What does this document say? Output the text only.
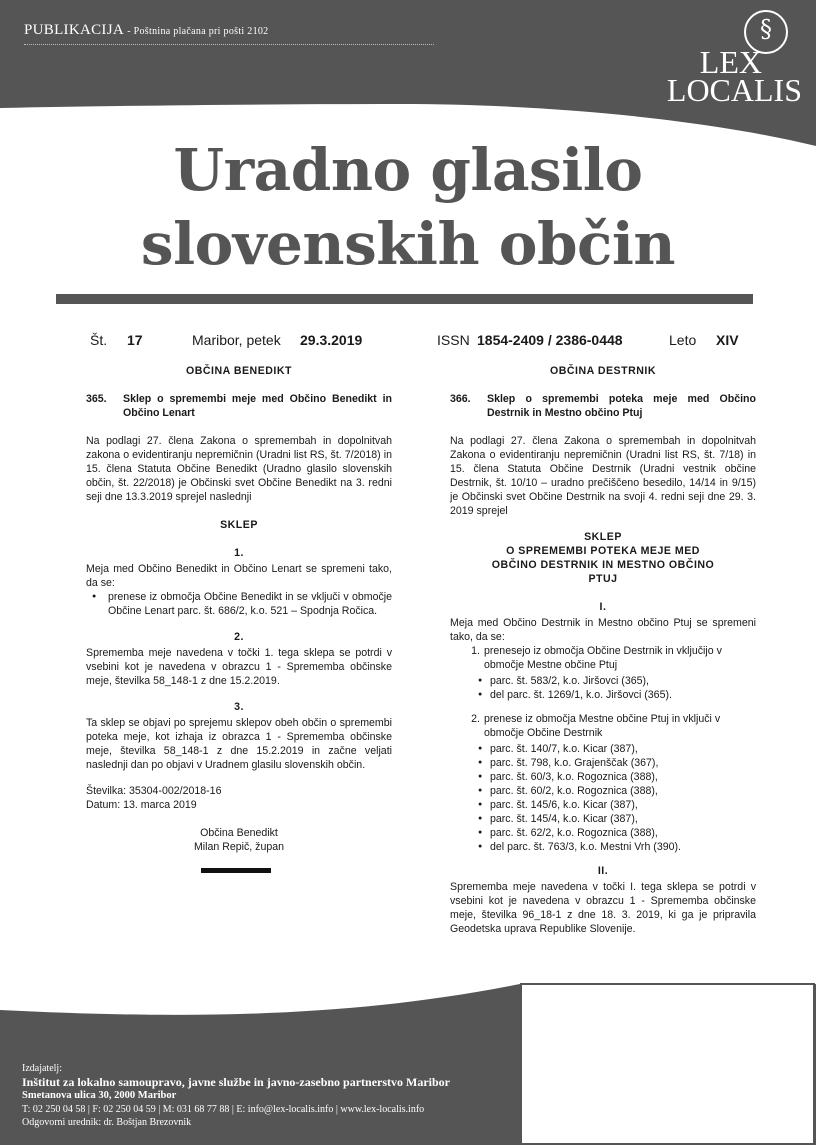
PUBLIKACIJA - Poštnina plačana pri pošti 2102	§
LEX
LOCALIS
Uradno glasilo
slovenskih občin
Št. 17	Maribor, petek 29.3.2019	ISSN 1854-2409 / 2386-0448	Leto XIV
OBČINA BENEDIKT
365.	Sklep o spremembi meje med Občino Benedikt in Občino Lenart

Na podlagi 27. člena Zakona o spremembah in dopolnitvah zakona o evidentiranju nepremičnin (Uradni list RS, št. 7/2018) in 15. člena Statuta Občine Benedikt (Uradno glasilo slovenskih občin, št. 22/2018) je Občinski svet Občine Benedikt na 3. redni seji dne 13.3.2019 sprejel naslednji

SKLEP
1.

Meja med Občino Benedikt in Občino Lenart se spremeni tako, da se:

● prenese iz območja Občine Benedikt in se vključi v območje Občine Lenart parc. št. 686/2, k.o. 521 – Spodnja Ročica.
2.

Sprememba meje navedena v točki 1. tega sklepa se potrdi v vsebini kot je navedena v obrazcu 1 - Sprememba občinske meje, številka 58_148-1 z dne 15.2.2019.

3.

Ta sklep se objavi po sprejemu sklepov obeh občin o spremembi poteka meje, kot izhaja iz obrazca 1 - Sprememba občinske meje, številka 58_148-1 z dne 15.2.2019 in začne veljati naslednji dan po objavi v Uradnem glasilu slovenskih občin.

Številka: 35304-002/2018-16
Datum: 13. marca 2019
Občina Benedikt
Milan Repič, župan
OBČINA DESTRNIK
366.	Sklep o spremembi poteka meje med Občino Destrnik in Mestno občino Ptuj

Na podlagi 27. člena Zakona o spremembah in dopolnitvah Zakona o evidentiranju nepremičnin (Uradni list RS, št. 7/18) in 15. člena Statuta Občine Destrnik (Uradni vestnik občine Destrnik, št. 10/10 – uradno prečiščeno besedilo, 14/14 in 9/15) je Občinski svet Občine Destrnik na svoji 4. redni seji dne 29. 3. 2019 sprejel

SKLEP
O SPREMEMBI POTEKA MEJE MED OBČINO DESTRNIK IN MESTNO OBČINO PTUJ
I.

Meja med Občino Destrnik in Mestno občino Ptuj se spremeni tako, da se:

1. prenesejo iz območja Občine Destrnik in vključijo v območje Mestne občine Ptuj
● parc. št. 583/2, k.o. Jiršovci (365),
● del parc. št. 1269/1, k.o. Jiršovci (365).
2. prenese iz območja Mestne občine Ptuj in vključi v območje Občine Destrnik
● parc. št. 140/7, k.o. Kicar (387),
● parc. št. 798, k.o. Grajenščak (367),
● parc. št. 60/3, k.o. Rogoznica (388),
● parc. št. 60/2, k.o. Rogoznica (388),
● parc. št. 145/6, k.o. Kicar (387),
● parc. št. 145/4, k.o. Kicar (387),
● parc. št. 62/2, k.o. Rogoznica (388),
● del parc. št. 763/3, k.o. Mestni Vrh (390).
II.

Sprememba meje navedena v točki I. tega sklepa se potrdi v vsebini kot je navedena v obrazcu 1 - Sprememba občinske meje, številka 96_18-1 z dne 18. 3. 2019, ki ga je pripravila Geodetska uprava Republike Slovenije.

Izdajatelj:
Inštitut za lokalno samoupravo, javne službe in javno-zasebno partnerstvo Maribor
Smetanova ulica 30, 2000 Maribor
T: 02 250 04 58 | F: 02 250 04 59 | M: 031 68 77 88 | E: info@lex-localis.info | www.lex-localis.info
Odgovorni urednik: dr. Boštjan Brezovnik
